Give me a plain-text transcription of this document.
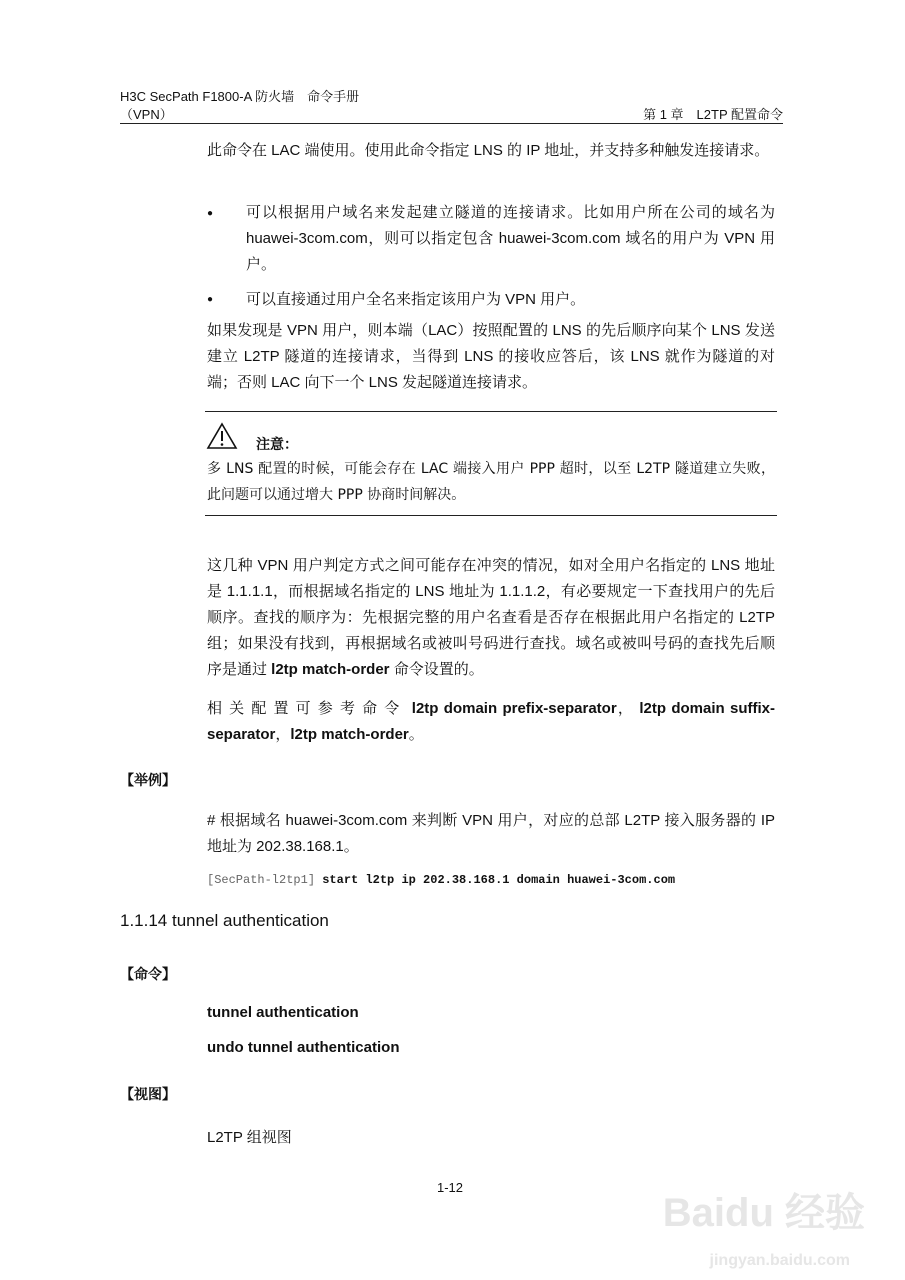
H3C SecPath F1800-A 防火墙　命令手册
（VPN）	第 1 章　L2TP 配置命令
此命令在 LAC 端使用。使用此命令指定 LNS 的 IP 地址，并支持多种触发连接请求。
● 可以根据用户域名来发起建立隧道的连接请求。比如用户所在公司的域名为 huawei-3com.com，则可以指定包含 huawei-3com.com 域名的用户为 VPN 用户。
● 可以直接通过用户全名来指定该用户为 VPN 用户。
如果发现是 VPN 用户，则本端（LAC）按照配置的 LNS 的先后顺序向某个 LNS 发送建立 L2TP 隧道的连接请求，当得到 LNS 的接收应答后，该 LNS 就作为隧道的对端；否则 LAC 向下一个 LNS 发起隧道连接请求。
注意：
多 LNS 配置的时候，可能会存在 LAC 端接入用户 PPP 超时，以至 L2TP 隧道建立失败，此问题可以通过增大 PPP 协商时间解决。
这几种 VPN 用户判定方式之间可能存在冲突的情况，如对全用户名指定的 LNS 地址是 1.1.1.1，而根据域名指定的 LNS 地址为 1.1.1.2，有必要规定一下查找用户的先后顺序。查找的顺序为：先根据完整的用户名查看是否存在根据此用户名指定的 L2TP 组；如果没有找到，再根据域名或被叫号码进行查找。域名或被叫号码的查找先后顺序是通过 l2tp match-order 命令设置的。
相关配置可参考命令 l2tp domain prefix-separator， l2tp domain suffix-separator，l2tp match-order。
【举例】
# 根据域名 huawei-3com.com 来判断 VPN 用户，对应的总部 L2TP 接入服务器的 IP 地址为 202.38.168.1。
[SecPath-l2tp1] start l2tp ip 202.38.168.1 domain huawei-3com.com
1.1.14 tunnel authentication
【命令】
tunnel authentication
undo tunnel authentication
【视图】
L2TP 组视图
1-12
Baidu 经验
jingyan.baidu.com
